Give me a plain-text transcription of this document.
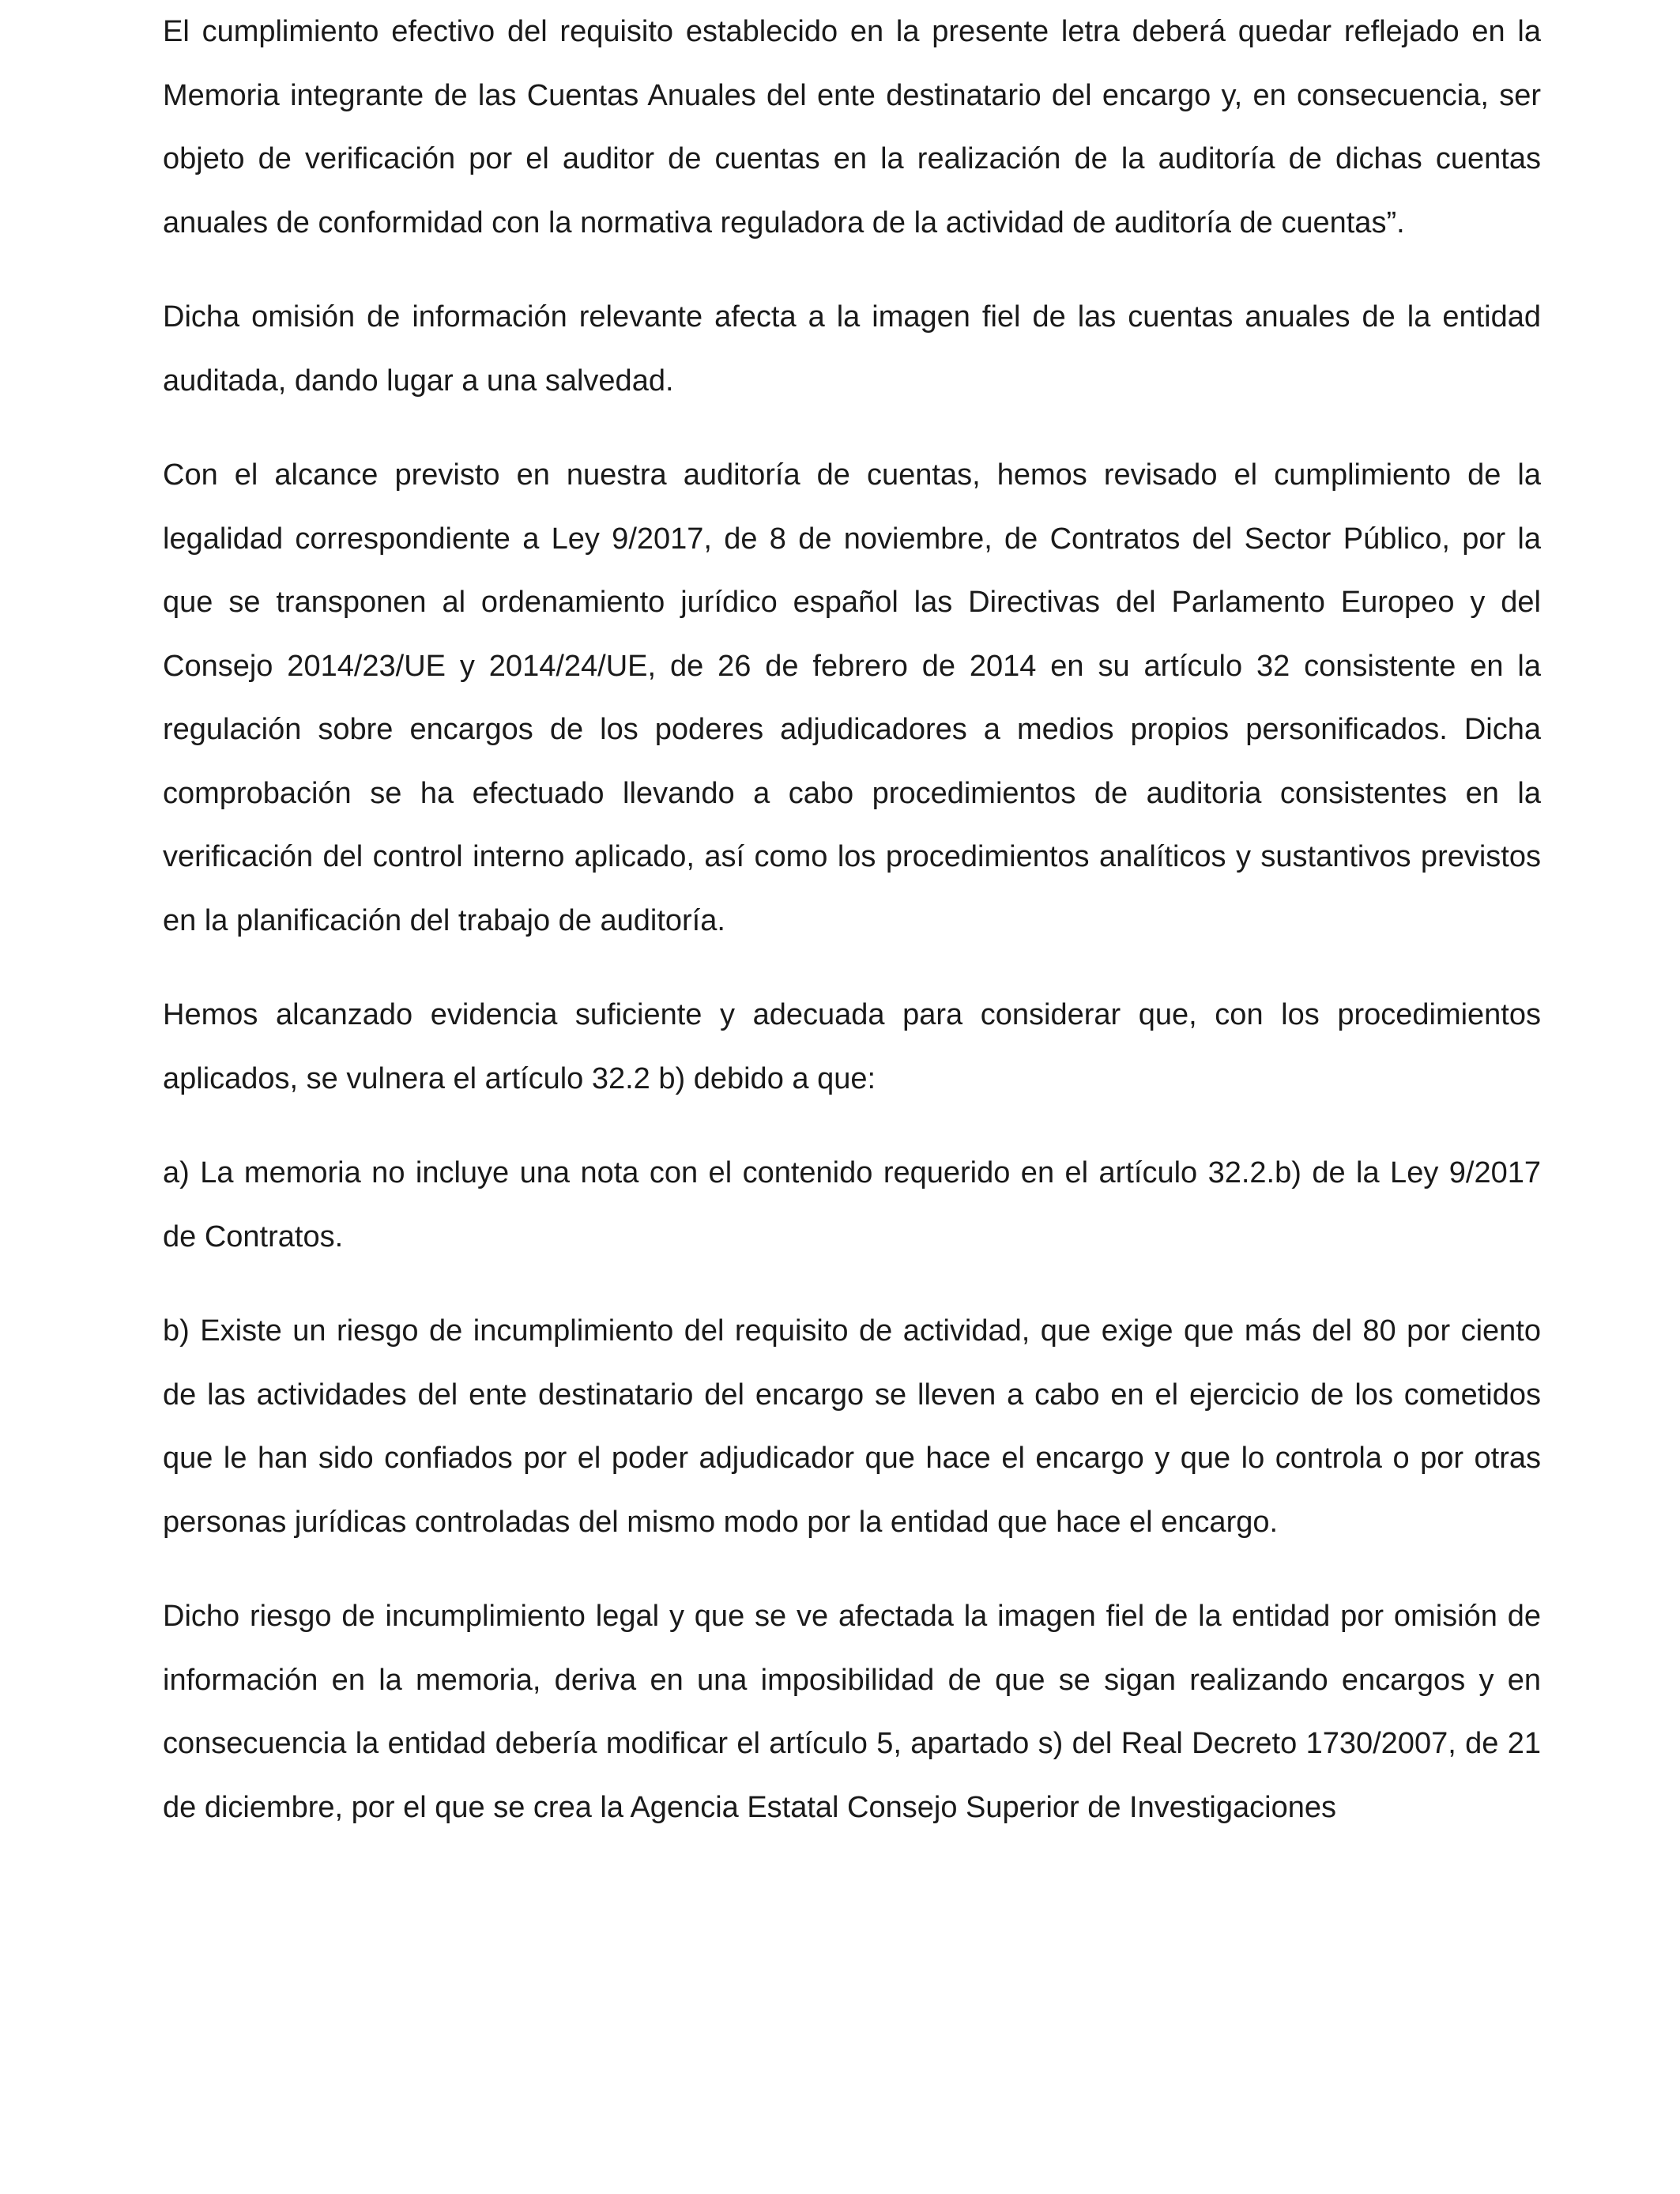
El cumplimiento efectivo del requisito establecido en la presente letra deberá quedar reflejado en la Memoria integrante de las Cuentas Anuales del ente destinatario del encargo y, en consecuencia, ser objeto de verificación por el auditor de cuentas en la realización de la auditoría de dichas cuentas anuales de conformidad con la normativa reguladora de la actividad de auditoría de cuentas”.

Dicha omisión de información relevante afecta a la imagen fiel de las cuentas anuales de la entidad auditada, dando lugar a una salvedad.

Con el alcance previsto en nuestra auditoría de cuentas, hemos revisado el cumplimiento de la legalidad correspondiente a Ley 9/2017, de 8 de noviembre, de Contratos del Sector Público, por la que se transponen al ordenamiento jurídico español las Directivas del Parlamento Europeo y del Consejo 2014/23/UE y 2014/24/UE, de 26 de febrero de 2014 en su artículo 32 consistente en la regulación sobre encargos de los poderes adjudicadores a medios propios personificados. Dicha comprobación se ha efectuado llevando a cabo procedimientos de auditoria consistentes en la verificación del control interno aplicado, así como los procedimientos analíticos y sustantivos previstos en la planificación del trabajo de auditoría.

Hemos alcanzado evidencia suficiente y adecuada para considerar que, con los procedimientos aplicados, se vulnera el artículo 32.2 b) debido a que:

a) La memoria no incluye una nota con el contenido requerido en el artículo 32.2.b) de la Ley 9/2017 de Contratos.

b) Existe un riesgo de incumplimiento del requisito de actividad, que exige que más del 80 por ciento de las actividades del ente destinatario del encargo se lleven a cabo en el ejercicio de los cometidos que le han sido confiados por el poder adjudicador que hace el encargo y que lo controla o por otras personas jurídicas controladas del mismo modo por la entidad que hace el encargo.

Dicho riesgo de incumplimiento legal y que se ve afectada la imagen fiel de la entidad por omisión de información en la memoria, deriva en una imposibilidad de que se sigan realizando encargos y en consecuencia la entidad debería modificar el artículo 5, apartado s) del Real Decreto 1730/2007, de 21 de diciembre, por el que se crea la Agencia Estatal Consejo Superior de Investigaciones
